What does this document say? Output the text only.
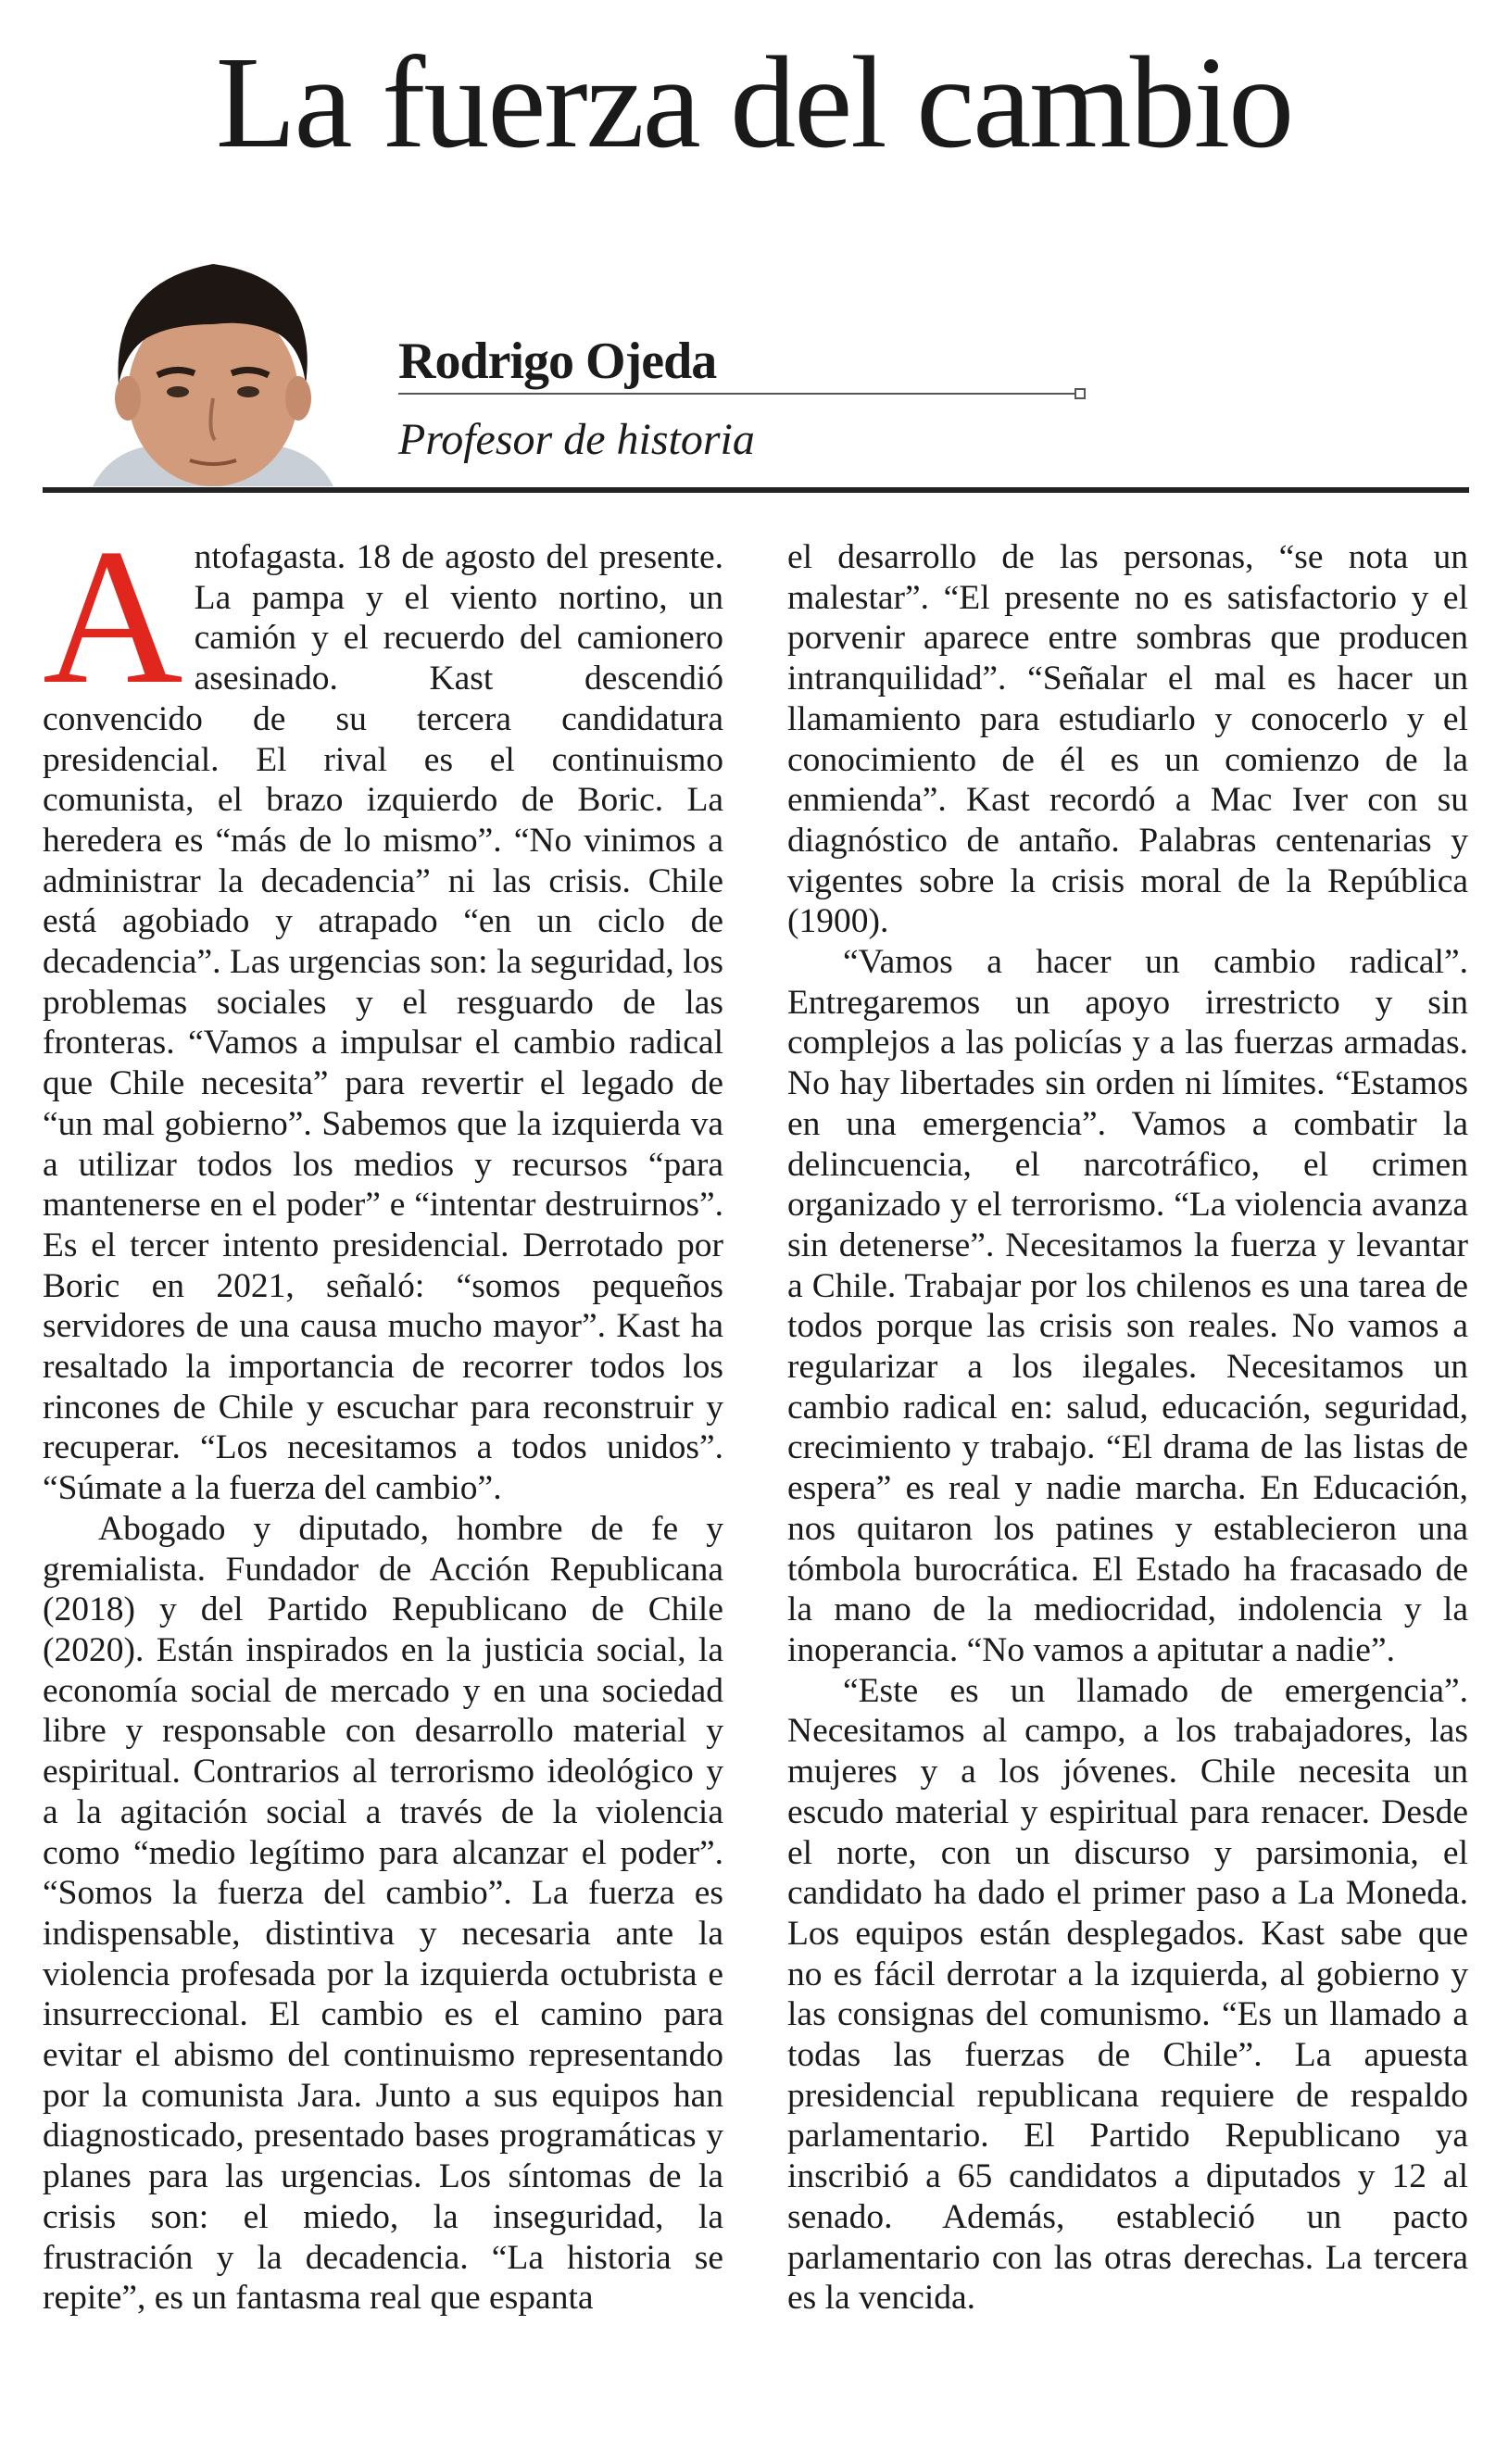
La fuerza del cambio
Rodrigo Ojeda
Profesor de historia

Antofagasta. 18 de agosto del presente. La pampa y el viento nortino, un camión y el recuerdo del camionero asesinado. Kast descendió convencido de su tercera candidatura presidencial. El rival es el continuismo comunista, el brazo izquierdo de Boric. La heredera es “más de lo mismo”. “No vinimos a administrar la decadencia” ni las crisis. Chile está agobiado y atrapado “en un ciclo de decadencia”. Las urgencias son: la seguridad, los problemas sociales y el resguardo de las fronteras. “Vamos a impulsar el cambio radical que Chile necesita” para revertir el legado de “un mal gobierno”. Sabemos que la izquierda va a utilizar todos los medios y recursos “para mantenerse en el poder” e “intentar destruirnos”. Es el tercer intento presidencial. Derrotado por Boric en 2021, señaló: “somos pequeños servidores de una causa mucho mayor”. Kast ha resaltado la importancia de recorrer todos los rincones de Chile y escuchar para reconstruir y recuperar. “Los necesitamos a todos unidos”. “Súmate a la fuerza del cambio”.

Abogado y diputado, hombre de fe y gremialista. Fundador de Acción Republicana (2018) y del Partido Republicano de Chile (2020). Están inspirados en la justicia social, la economía social de mercado y en una sociedad libre y responsable con desarrollo material y espiritual. Contrarios al terrorismo ideológico y a la agitación social a través de la violencia como “medio legítimo para alcanzar el poder”. “Somos la fuerza del cambio”. La fuerza es indispensable, distintiva y necesaria ante la violencia profesada por la izquierda octubrista e insurreccional. El cambio es el camino para evitar el abismo del continuismo representando por la comunista Jara. Junto a sus equipos han diagnosticado, presentado bases programáticas y planes para las urgencias. Los síntomas de la crisis son: el miedo, la inseguridad, la frustración y la decadencia. “La historia se repite”, es un fantasma real que espanta

el desarrollo de las personas, “se nota un malestar”. “El presente no es satisfactorio y el porvenir aparece entre sombras que producen intranquilidad”. “Señalar el mal es hacer un llamamiento para estudiarlo y conocerlo y el conocimiento de él es un comienzo de la enmienda”. Kast recordó a Mac Iver con su diagnóstico de antaño. Palabras centenarias y vigentes sobre la crisis moral de la República (1900).

“Vamos a hacer un cambio radical”. Entregaremos un apoyo irrestricto y sin complejos a las policías y a las fuerzas armadas. No hay libertades sin orden ni límites. “Estamos en una emergencia”. Vamos a combatir la delincuencia, el narcotráfico, el crimen organizado y el terrorismo. “La violencia avanza sin detenerse”. Necesitamos la fuerza y levantar a Chile. Trabajar por los chilenos es una tarea de todos porque las crisis son reales. No vamos a regularizar a los ilegales. Necesitamos un cambio radical en: salud, educación, seguridad, crecimiento y trabajo. “El drama de las listas de espera” es real y nadie marcha. En Educación, nos quitaron los patines y establecieron una tómbola burocrática. El Estado ha fracasado de la mano de la mediocridad, indolencia y la inoperancia. “No vamos a apitutar a nadie”.

“Este es un llamado de emergencia”. Necesitamos al campo, a los trabajadores, las mujeres y a los jóvenes. Chile necesita un escudo material y espiritual para renacer. Desde el norte, con un discurso y parsimonia, el candidato ha dado el primer paso a La Moneda. Los equipos están desplegados. Kast sabe que no es fácil derrotar a la izquierda, al gobierno y las consignas del comunismo. “Es un llamado a todas las fuerzas de Chile”. La apuesta presidencial republicana requiere de respaldo parlamentario. El Partido Republicano ya inscribió a 65 candidatos a diputados y 12 al senado. Además, estableció un pacto parlamentario con las otras derechas. La tercera es la vencida.
